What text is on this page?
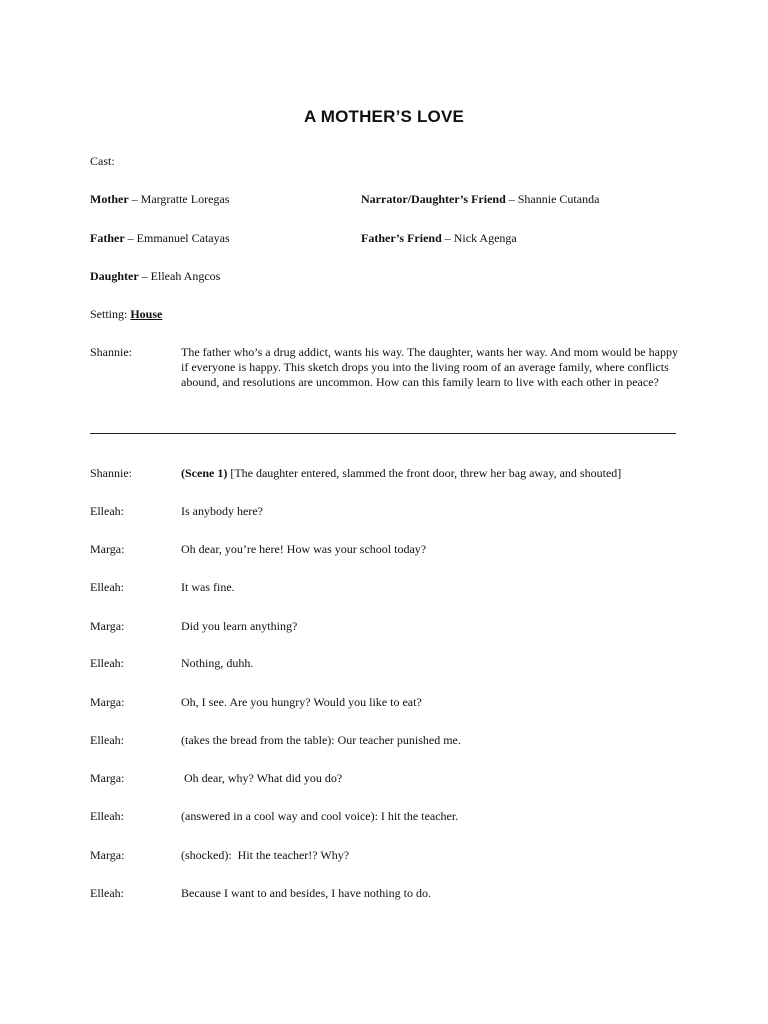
A MOTHER’S LOVE
Cast:
Mother – Margratte Loregas	Narrator/Daughter’s Friend – Shannie Cutanda
Father – Emmanuel Catayas	Father’s Friend – Nick Agenga
Daughter – Elleah Angcos
Setting: House
Shannie:	The father who’s a drug addict, wants his way. The daughter, wants her way. And mom would be happy if everyone is happy. This sketch drops you into the living room of an average family, where conflicts abound, and resolutions are uncommon. How can this family learn to live with each other in peace?
Shannie:	(Scene 1) [The daughter entered, slammed the front door, threw her bag away, and shouted]
Elleah:	Is anybody here?
Marga:	Oh dear, you’re here! How was your school today?
Elleah:	It was fine.
Marga:	Did you learn anything?
Elleah:	Nothing, duhh.
Marga:	Oh, I see. Are you hungry? Would you like to eat?
Elleah:	(takes the bread from the table): Our teacher punished me.
Marga:	Oh dear, why? What did you do?
Elleah:	(answered in a cool way and cool voice): I hit the teacher.
Marga:	(shocked):  Hit the teacher!? Why?
Elleah:	Because I want to and besides, I have nothing to do.
